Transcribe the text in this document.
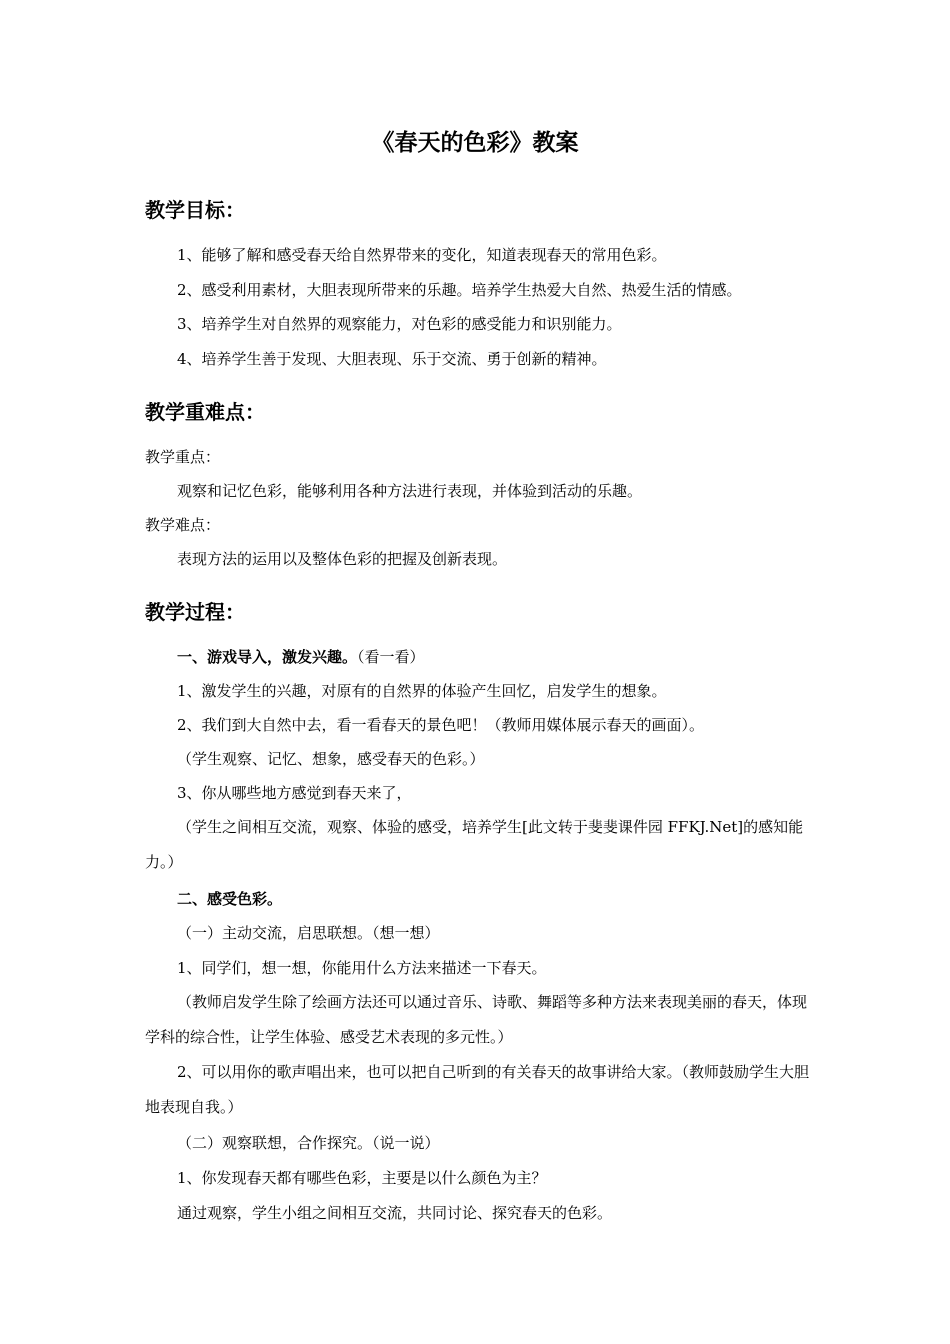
《春天的色彩》教案
教学目标：
1、能够了解和感受春天给自然界带来的变化，知道表现春天的常用色彩。
2、感受利用素材，大胆表现所带来的乐趣。培养学生热爱大自然、热爱生活的情感。
3、培养学生对自然界的观察能力，对色彩的感受能力和识别能力。
4、培养学生善于发现、大胆表现、乐于交流、勇于创新的精神。
教学重难点：
教学重点：
观察和记忆色彩，能够利用各种方法进行表现，并体验到活动的乐趣。
教学难点：
表现方法的运用以及整体色彩的把握及创新表现。
教学过程：
一、游戏导入，激发兴趣。（看一看）
1、激发学生的兴趣，对原有的自然界的体验产生回忆，启发学生的想象。
2、我们到大自然中去，看一看春天的景色吧！（教师用媒体展示春天的画面）。
（学生观察、记忆、想象，感受春天的色彩。）
3、你从哪些地方感觉到春天来了，
（学生之间相互交流，观察、体验的感受，培养学生[此文转于斐斐课件园 FFKJ.Net]的感知能力。）
二、感受色彩。
（一）主动交流，启思联想。（想一想）
1、同学们，想一想，你能用什么方法来描述一下春天。
（教师启发学生除了绘画方法还可以通过音乐、诗歌、舞蹈等多种方法来表现美丽的春天，体现学科的综合性，让学生体验、感受艺术表现的多元性。）
2、可以用你的歌声唱出来，也可以把自己听到的有关春天的故事讲给大家。（教师鼓励学生大胆地表现自我。）
（二）观察联想，合作探究。（说一说）
1、你发现春天都有哪些色彩，主要是以什么颜色为主？
通过观察，学生小组之间相互交流，共同讨论、探究春天的色彩。
